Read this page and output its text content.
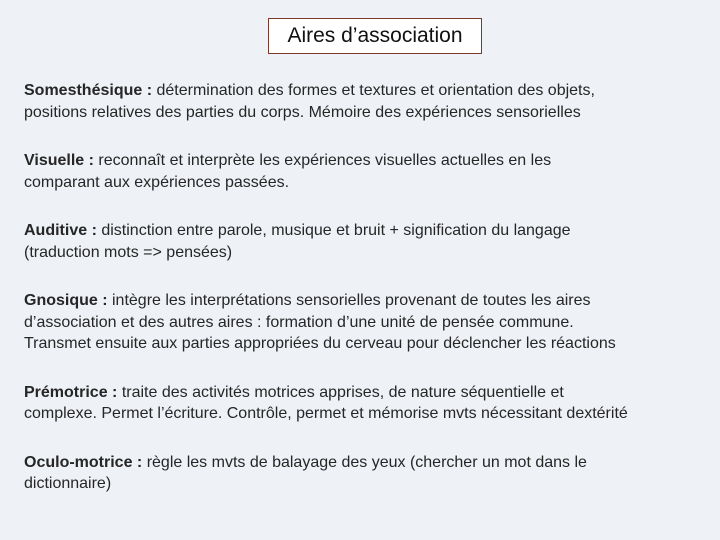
Aires d’association

Somesthésique : détermination des formes et textures et orientation des objets,
positions relatives des parties du corps. Mémoire des expériences sensorielles

Visuelle : reconnaît et interprète les expériences visuelles actuelles en les
comparant aux expériences passées.

Auditive : distinction entre parole, musique et bruit + signification du langage
(traduction mots => pensées)

Gnosique : intègre les interprétations sensorielles provenant de toutes les aires
d’association et des autres aires : formation d’une unité de pensée commune.
Transmet ensuite aux parties appropriées du cerveau pour déclencher les réactions

Prémotrice : traite des activités motrices apprises, de nature séquentielle et
complexe. Permet l’écriture. Contrôle, permet et mémorise mvts nécessitant dextérité

Oculo-motrice : règle les mvts de balayage des yeux (chercher un mot dans le
dictionnaire)
